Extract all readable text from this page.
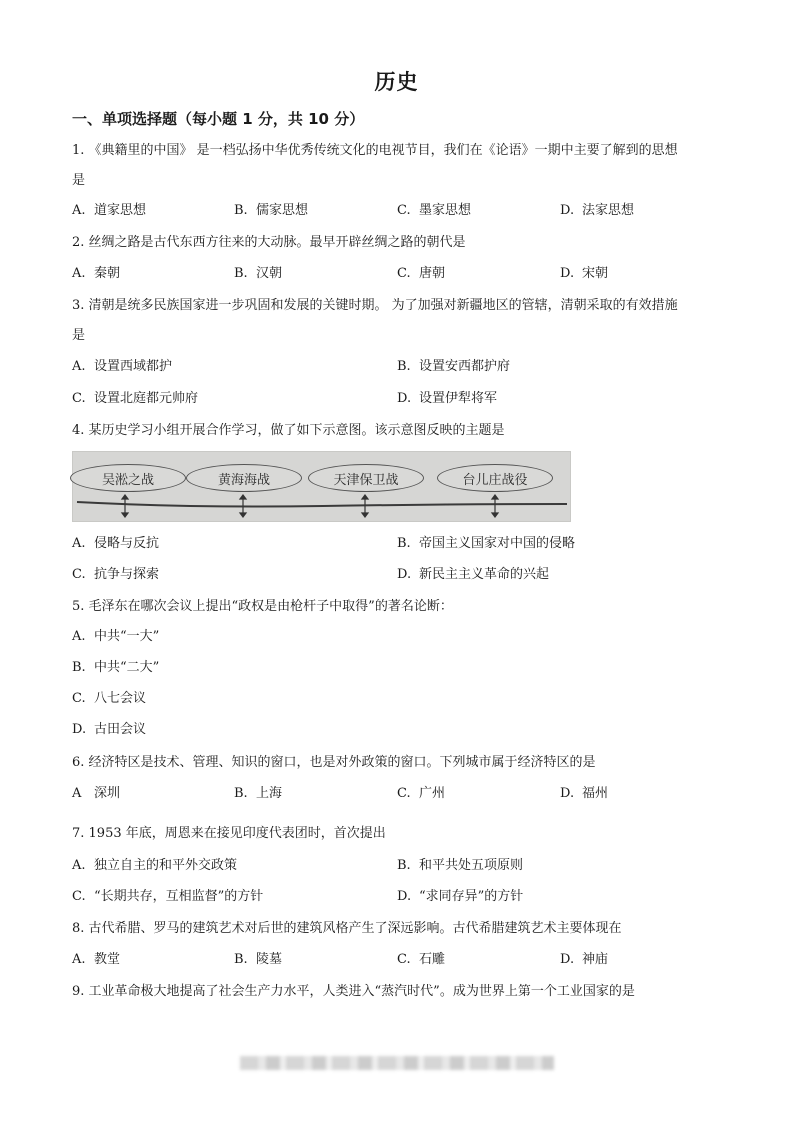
历史
一、单项选择题（每小题 1 分，共 10 分）
1. 《典籍里的中国》 是一档弘扬中华优秀传统文化的电视节目，我们在《论语》一期中主要了解到的思想
是
A. 道家思想	B. 儒家思想	C. 墨家思想	D. 法家思想
2. 丝绸之路是古代东西方往来的大动脉。最早开辟丝绸之路的朝代是
A. 秦朝	B. 汉朝	C. 唐朝	D. 宋朝
3. 清朝是统多民族国家进一步巩固和发展的关键时期。 为了加强对新疆地区的管辖，清朝采取的有效措施
是
A. 设置西域都护	B. 设置安西都护府
C. 设置北庭都元帅府	D. 设置伊犁将军
4. 某历史学习小组开展合作学习，做了如下示意图。该示意图反映的主题是
吴淞之战	黄海海战	天津保卫战	台儿庄战役
A. 侵略与反抗	B. 帝国主义国家对中国的侵略
C. 抗争与探索	D. 新民主主义革命的兴起
5. 毛泽东在哪次会议上提出“政权是由枪杆子中取得”的著名论断：
A. 中共“一大”
B. 中共“二大”
C. 八七会议
D. 古田会议
6. 经济特区是技术、管理、知识的窗口，也是对外政策的窗口。下列城市属于经济特区的是
A 深圳	B. 上海	C. 广州	D. 福州
7. 1953 年底，周恩来在接见印度代表团时，首次提出
A. 独立自主的和平外交政策	B. 和平共处五项原则
C. “长期共存，互相监督”的方针	D. “求同存异”的方针
8. 古代希腊、罗马的建筑艺术对后世的建筑风格产生了深远影响。古代希腊建筑艺术主要体现在
A. 教堂	B. 陵墓	C. 石雕	D. 神庙
9. 工业革命极大地提高了社会生产力水平，人类进入“蒸汽时代”。成为世界上第一个工业国家的是
